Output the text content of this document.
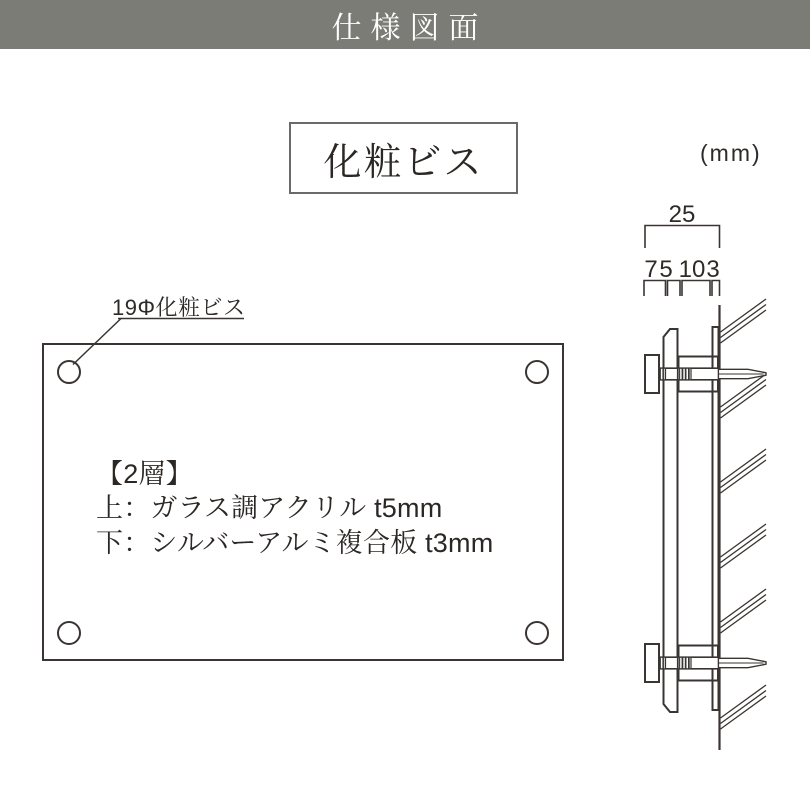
仕様図面
化粧ビス	(mm)
19Φ化粧ビス
【2層】
上：ガラス調アクリル t5mm
下：シルバーアルミ複合板 t3mm
25
7 5 10 3
